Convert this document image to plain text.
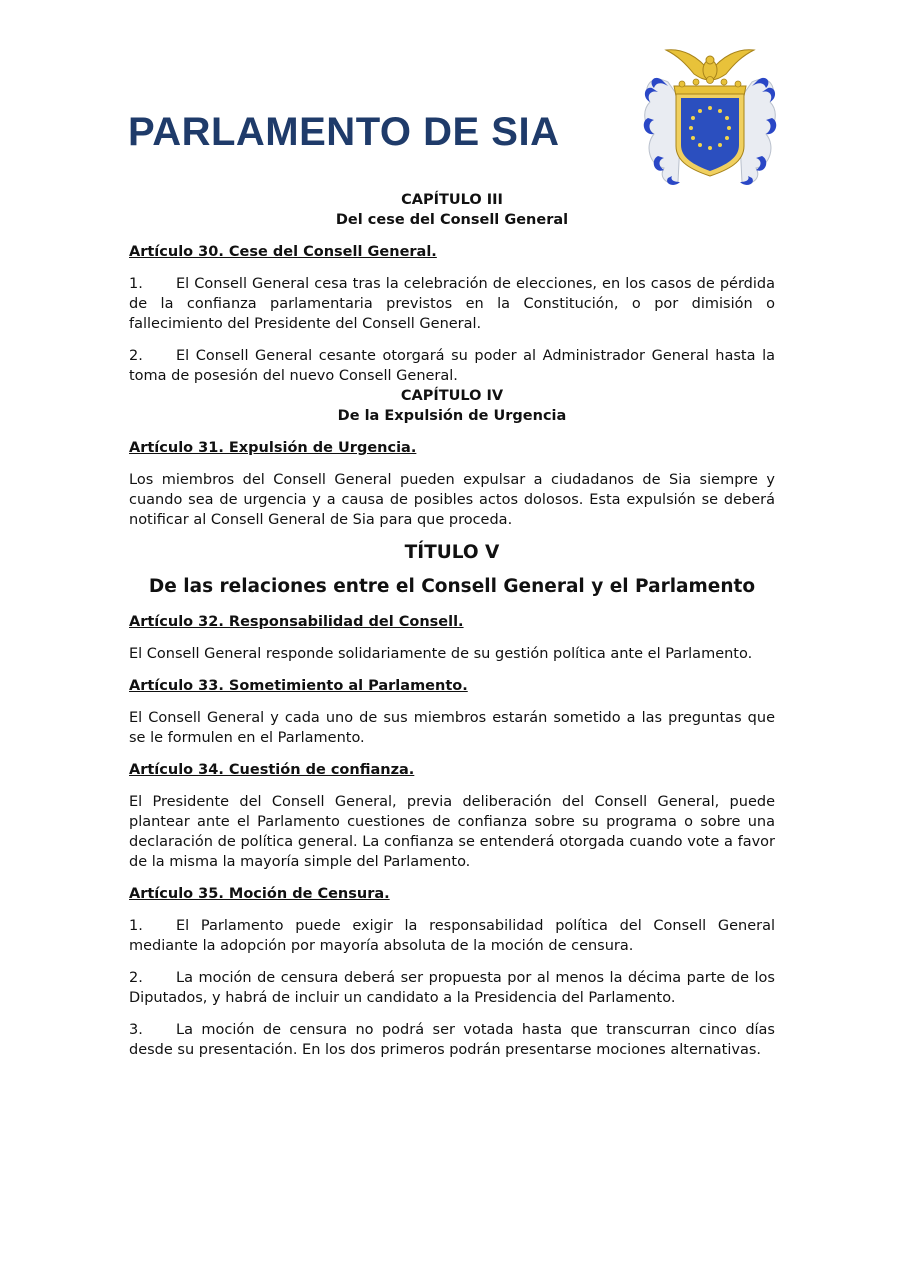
PARLAMENTO DE SIA
CAPÍTULO III
Del cese del Consell General

Artículo 30. Cese del Consell General.

1. El Consell General cesa tras la celebración de elecciones, en los casos de pérdida de la confianza parlamentaria previstos en la Constitución, o por dimisión o fallecimiento del Presidente del Consell General.

2. El Consell General cesante otorgará su poder al Administrador General hasta la toma de posesión del nuevo Consell General.

CAPÍTULO IV
De la Expulsión de Urgencia

Artículo 31. Expulsión de Urgencia.

Los miembros del Consell General pueden expulsar a ciudadanos de Sia siempre y cuando sea de urgencia y a causa de posibles actos dolosos. Esta expulsión se deberá notificar al Consell General de Sia para que proceda.

TÍTULO V
De las relaciones entre el Consell General y el Parlamento

Artículo 32. Responsabilidad del Consell.

El Consell General responde solidariamente de su gestión política ante el Parlamento.

Artículo 33. Sometimiento al Parlamento.

El Consell General y cada uno de sus miembros estarán sometido a las preguntas que se le formulen en el Parlamento.

Artículo 34. Cuestión de confianza.

El Presidente del Consell General, previa deliberación del Consell General, puede plantear ante el Parlamento cuestiones de confianza sobre su programa o sobre una declaración de política general. La confianza se entenderá otorgada cuando vote a favor de la misma la mayoría simple del Parlamento.

Artículo 35. Moción de Censura.

1. El Parlamento puede exigir la responsabilidad política del Consell General mediante la adopción por mayoría absoluta de la moción de censura.

2. La moción de censura deberá ser propuesta por al menos la décima parte de los Diputados, y habrá de incluir un candidato a la Presidencia del Parlamento.

3. La moción de censura no podrá ser votada hasta que transcurran cinco días desde su presentación. En los dos primeros podrán presentarse mociones alternativas.
